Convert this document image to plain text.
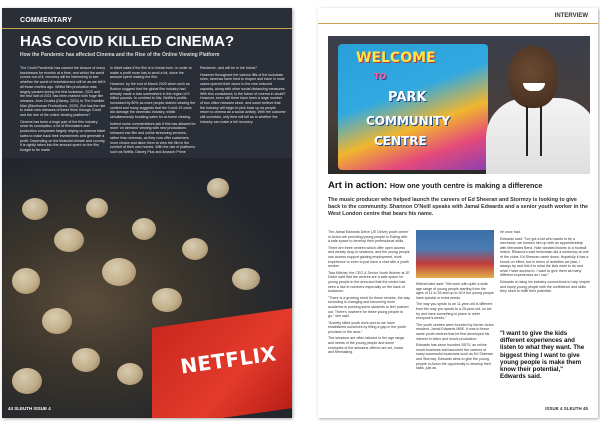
NETFLIX
COMMENTARY
HAS COVID KILLED CINEMA?
How the Pandemic has affected Cinema and the Rise of the Online Viewing Platform

The Covid Pandemic has caused the closure of many businesses for months at a time, and whilst the world comes out of it, recovery will be interesting to see whether the world of entertainment will be as we left it all those months ago. Whilst film production was largely paused during the first lockdown, 2020 and the first half of 2021 has been marked with huge film releases, from Cruella (Disney, 2021) to The Invisible Man (Blumhouse Productions, 2020). But has the rise to watch new releases of these films through Covid and the rise of the online viewing platforms?

Cinema has been a huge part of the film industry since its conception, a lot of filmmakers and production companies largely relying on cinema ticket sales to make back their investments and generate a profit. Depending on the financial climate and country, it is rightly taken into the amount spent on the film budget to be made

in ticket sales if the film is to break even. In order to make a profit more has to send a lot, since the amount spent making the film.

However, by the end of March 2020 when such as Boston suggest that the global film industry had already made a loss somewhere in the region of 5 billion pounds. In contrast to this, Netflix's profits increased by 80% as more people started viewing the content and many suggests that the Covid-19 crisis did damage the cinematic industry, whilst simultaneously boosting sales for at-home viewing.

Indeed some commentators ask if this has allowed for more 'on demand' viewing with new productions released into film and online streaming services, rather than cinemas, as they now offer customers more choice and allow them to view the film in the comfort of their own homes. With the rise of platforms such as Netflix, Disney Plus and Amazon Prime

Pandemic, and will be in the future?

However throughout the various lifts of the lockdown rules, cinemas have tried to reopen and have in most cases opened their doors to the new reduced capacity, along with other social distancing measures. With this considered, is the future of cinema in doubt? However, even still there have been a large number of box office releases since, and some believe that the industry will begin to pick back up as people return to cinema as a social activity. With the outcome still uncertain, only time will tell as to whether the industry can make a full recovery.

44 SLEUTH ISSUE 4
INTERVIEW
WELCOME
TO
PARK
COMMUNITY
CENTRE
Art in action: How one youth centre is making a difference
The music producer who helped launch the careers of Ed Sheeran and Stormzy is looking to give back to the community. Shannon O'Neill speaks with Jamal Edwards and a senior youth worker in the West London centre that bears his name.

The Jamal Edwards Delve (JE Delve) youth centre in Acton are providing young people in Ealing with a safe space to develop their professional skills.

There are three centres which offer open access and weekly drop-in sessions, and the young people can access support gaining employment, work experience or even to just have a chat with a youth worker.

Tara Mitchel, the CEO & Senior Youth Worker at JE Delve said that the centres are a safe space for young people in the area and that the centre has seen a rise in numbers especially on the back of lockdown.

"There is a growing need for these centres, the way schooling is changing and becoming more academic is pushing some students to feel pushed out. There's nowhere for these young people to go," she said.

"Anxiety killed youth work and so we have established ourselves by filling a gap in the youth provision in the area."

The sessions are often tailored to the age range and needs of the young people and some examples of the sessions offered are art, music and filmmaking.

Mitchel later said: "We work with quite a wide age range of young people starting from the ages of 11 to 25 and up to 30 if the young people have special or extra needs.

The way you speak to an 11-year-old is different from the way you speak to a 25-year-old, so we try and have something in place to meet everyone's needs."

The youth centres were founded by former Acton resident, Jamal Edwards MBE. It was in these same youth centres that he first developed his interest in video and music production.

Edwards has since founded SBTV, an online music business and launched the careers of many successful musicians such as Ed Sheeran and Stormzy. Edwards aims to give the young people in Acton the opportunity to develop their skills, just as

he once had.

Edwards said: "I've got a kid who wants to be a mechanic; we hooked him up with an apprenticeship with Mercedes Benz. Nike donated tickets to a football match. Rihanna's said technician did a workshop at one of the clubs. Ed Sheeran came down. Hopefully it has a knock-on effect, but in terms of activities we plan, I always try and link it to what the kids want to do and what I have access to. I want to give them as many different experiences as I can."

Edwards is using his industry connections to help inspire and equip young people with the confidence and skills they need to fulfill their potential.

"I want to give the kids different experiences and listen to what they want. The biggest thing I want to give young people is make them know their potential," Edwards said.
ISSUE 4 SLEUTH 45
